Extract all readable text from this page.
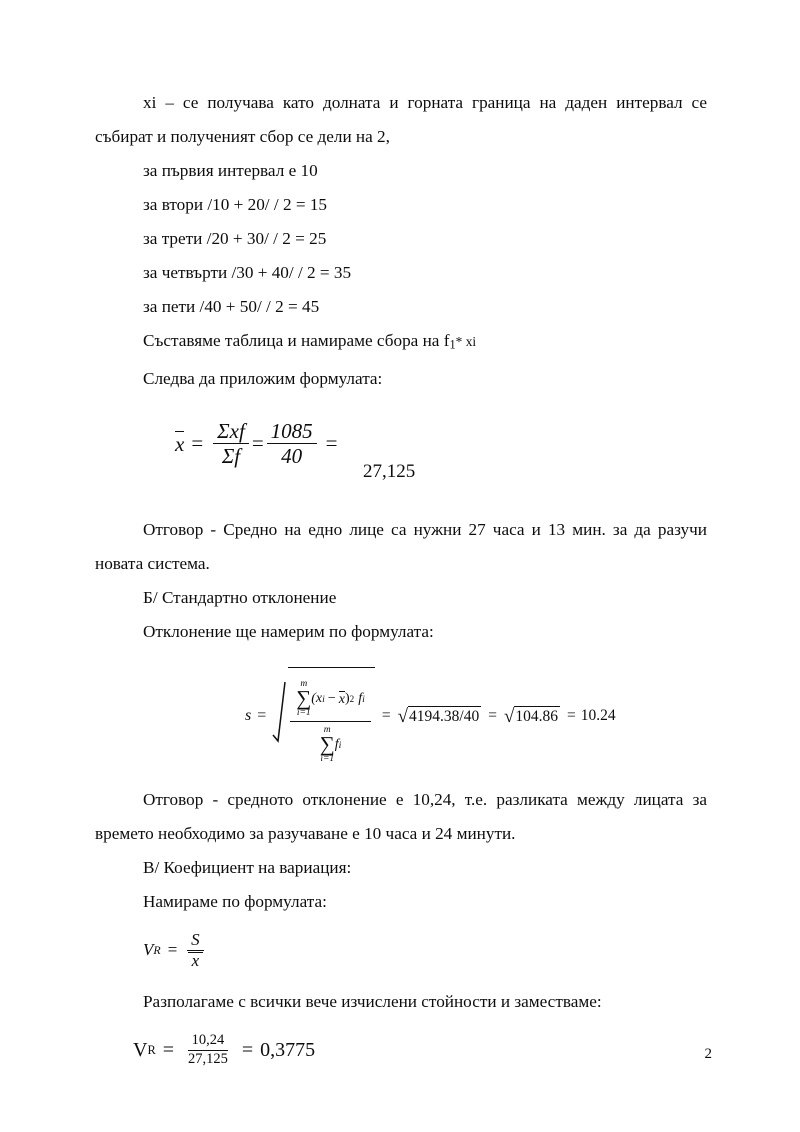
xi – се получава като долната и горната граница на даден интервал се събират и полученият сбор се дели на 2,

за първия интервал е 10

за втори /10 + 20/ / 2 = 15

за трети /20 + 30/ / 2 = 25

за четвърти /30 + 40/ / 2 = 35

за пети /40 + 50/ / 2 = 45

Съставяме таблица и намираме сбора на $f_1*$ xi

Следва да приложим формулата:

$x = \frac{\text{Σxf}}{\Sigma f} = \frac{1085}{40}$ =
27,125

Отговор - Средно на едно лице са нужни 27 часа и 13 мин. за да разучи новата система.

Б/ Стандартно отклонение

Отклонение ще намерим по формулата:

s =
m
∑
i=1
(x i − x ) 2 f i
m
∑
i=1
f i
= √ 4194.38/40 = √ 104.86 = 10.24

Отговор - средното отклонение е 10,24, т.е. разликата между лицата за времето необходимо за разучаване е 10 часа и 24 минути.

В/ Коефициент на вариация:

Намираме по формулата:

V $R = \frac{S}{x}$

Разполагаме с всички вече изчислени стойности и заместваме:

V $R = \frac{10,24}{27,125} = 0,3775$	2
